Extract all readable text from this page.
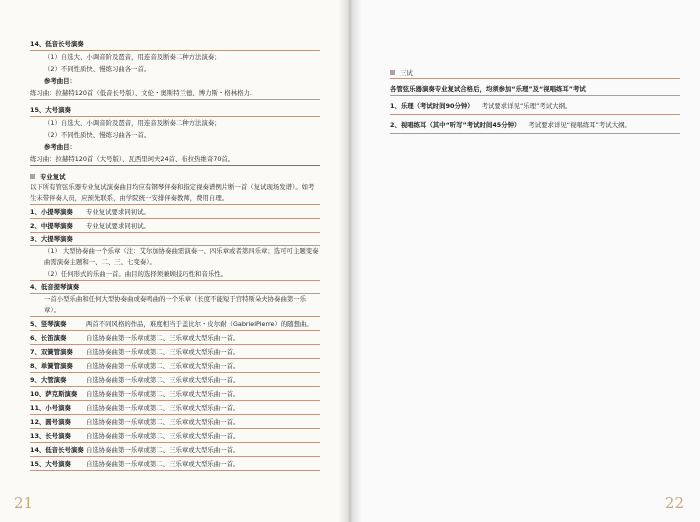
14、低音长号演奏
（1）自选大、小调音阶及琶音，用连音及断奏二种方法演奏；
（2）不同性质快、慢练习曲各一首。
参考曲目：
练习曲：拉赫特120首（低音长号版）、文伦・奥斯特兰德、博力斯・格林格力.
15、大号演奏
（1）自选大、小调音阶及琶音，用连音及断奏二种方法演奏；
（2）不同性质快、慢练习曲各一首。
参考曲目：
练习曲：拉赫特120首（大号版）、瓦西里珂夫24首、布拉热维奇70首。
专业复试
以下所有管弦乐器专业复试演奏曲目均应有钢琴伴奏和指定视奏谱例片断一首（复试现场发谱）。如考生未带伴奏人员，应预先联系，由学院统一安排伴奏教师，费用自理。
1、小提琴演奏	专业复试要求同初试。
2、中提琴演奏	专业复试要求同初试。
3、大提琴演奏
（1） 大型协奏曲一个乐章（注：艾尔加协奏曲需演奏一、四乐章或者第四乐章；选可可主题变奏曲需演奏主题和一、二、三、七变奏）。
（2）任何形式的乐曲一首。曲目的选择须兼顾技巧性和音乐性。
4、低音提琴演奏
一首小型乐曲和任何大型协奏曲或奏鸣曲的一个乐章（长度不能短于宫特斯朵夫协奏曲第一乐章）。
5、竖琴演奏	两首不同风格的作品，难度相当于盖比尔・皮尔耐（GabrielPierre）的随想曲。
6、长笛演奏	自选协奏曲第一乐章或第二、三乐章或大型乐曲一首。
7、双簧管演奏	自选协奏曲第一乐章或第二、三乐章或大型乐曲一首。
8、单簧管演奏	自选协奏曲第一乐章或第二、三乐章或大型乐曲一首。
9、大管演奏	自选协奏曲第一乐章或第二、三乐章或大型乐曲一首。
10、萨克斯演奏	自选协奏曲第一乐章或第二、三乐章或大型乐曲一首。
11、小号演奏	自选协奏曲第一乐章或第二、三乐章或大型乐曲一首。
12、圆号演奏	自选协奏曲第一乐章或第二、三乐章或大型乐曲一首。
13、长号演奏	自选协奏曲第一乐章或第二、三乐章或大型乐曲一首。
14、低音长号演奏 自选协奏曲第一乐章或第二、三乐章或大型乐曲一首。
15、大号演奏	自选协奏曲第一乐章或第二、三乐章或大型乐曲一首。
21
三试
各管弦乐器演奏专业复试合格后，均须参加“乐理”及“视唱练耳”考试
1、乐理（考试时间90分钟） 考试要求详见“乐理”考试大纲。
2、视唱练耳（其中“听写”考试时间45分钟） 考试要求详见“视唱练耳”考试大纲。
22
